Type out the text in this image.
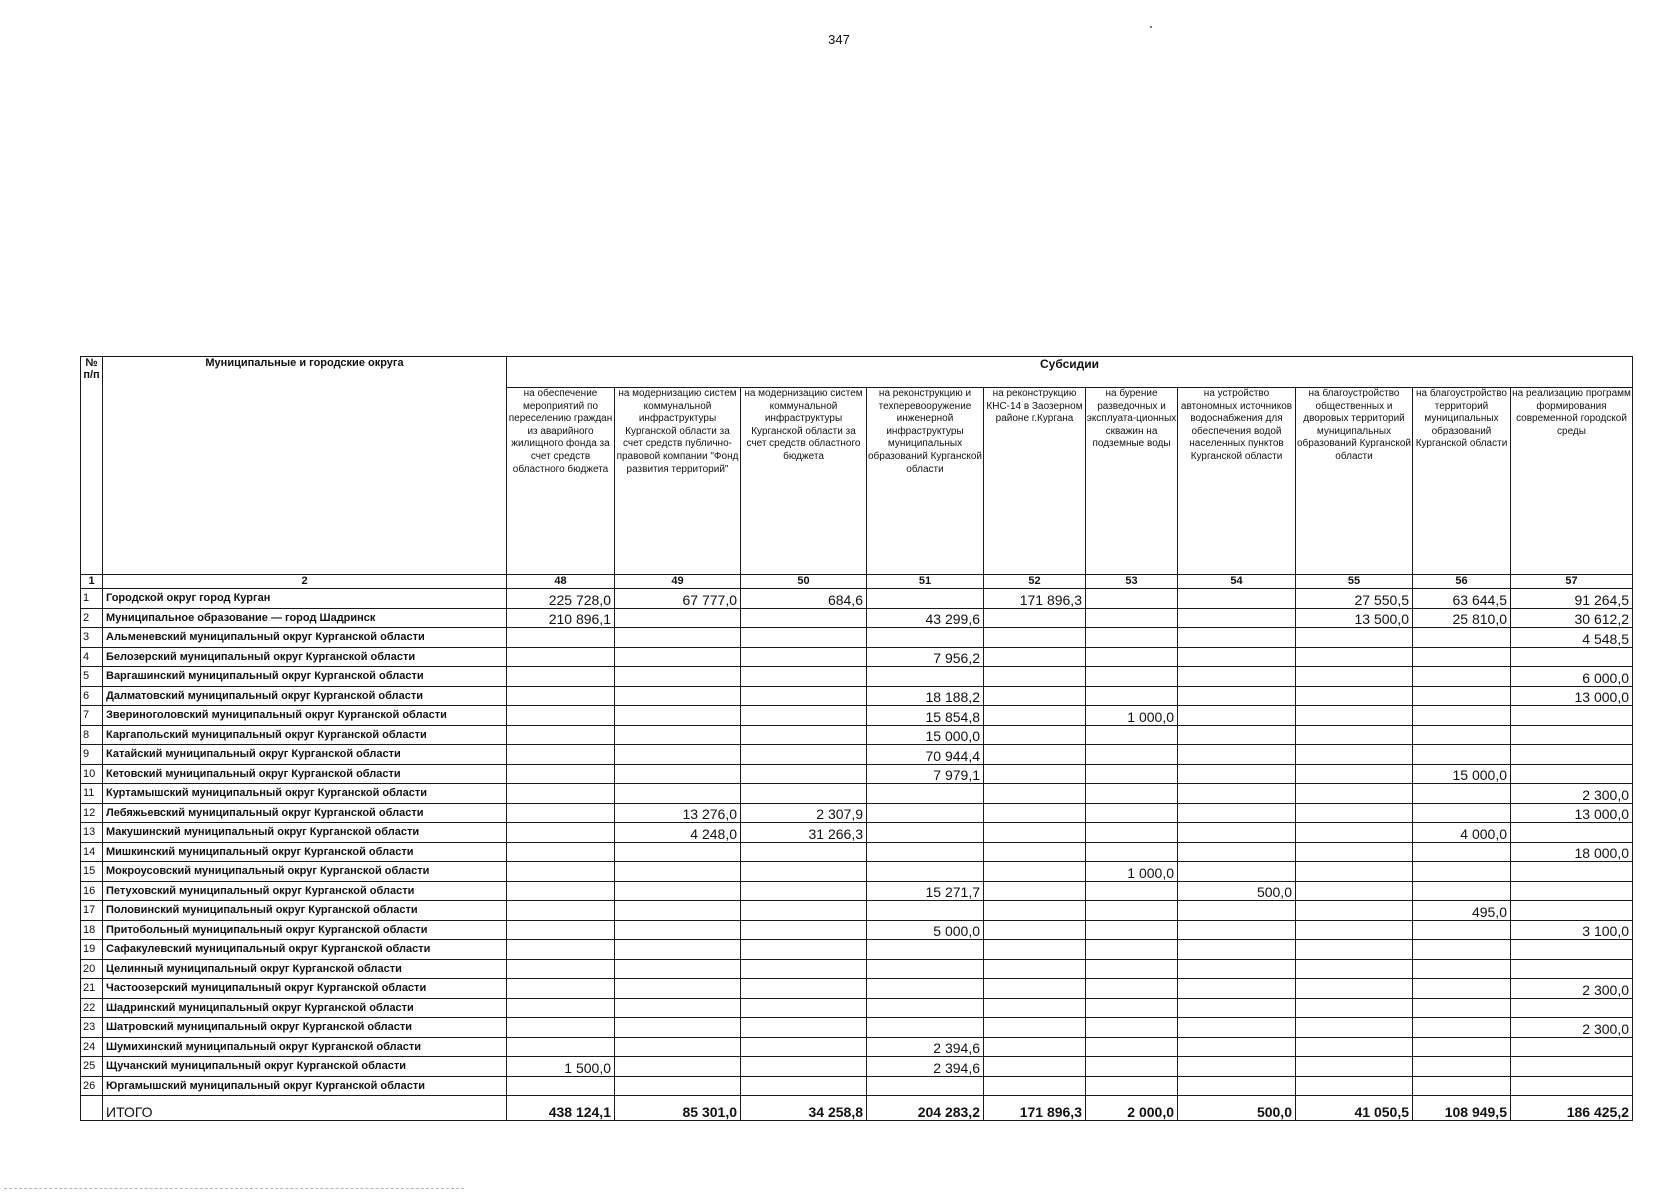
347
№ п/п	Муниципальные и городские округа	Субсидии									
		на обеспечение мероприятий по переселению граждан из аварийного жилищного фонда за счет средств областного бюджета	на модернизацию систем коммунальной инфраструктуры Курганской области за счет средств публично-правовой компании "Фонд развития территорий"	на модернизацию систем коммунальной инфраструктуры Курганской области за счет средств областного бюджета	на реконструкцию и техперевооружение инженерной инфраструктуры муниципальных образований Курганской области	на реконструкцию КНС-14 в Заозерном районе г.Кургана	на бурение разведочных и эксплуата-ционных скважин на подземные воды	на устройство автономных источников водоснабжения для обеспечения водой населенных пунктов Курганской области	на благоустройство общественных и дворовых территорий муниципальных образований Курганской области	на благоустройство территорий муниципальных образований Курганской области	на реализацию программ формирования современной городской среды
1	2	48	49	50	51	52	53	54	55	56	57
1	Городской округ город Курган	225 728,0	67 777,0	684,6		171 896,3			27 550,5	63 644,5	91 264,5
2	Муниципальное образование — город Шадринск	210 896,1			43 299,6				13 500,0	25 810,0	30 612,2
3	Альменевский муниципальный округ Курганской области										4 548,5
4	Белозерский муниципальный округ Курганской области				7 956,2						
5	Варгашинский муниципальный округ Курганской области										6 000,0
6	Далматовский муниципальный округ Курганской области				18 188,2						13 000,0
7	Звериноголовский муниципальный округ Курганской области				15 854,8		1 000,0				
8	Каргапольский муниципальный округ Курганской области				15 000,0						
9	Катайский муниципальный округ Курганской области				70 944,4						
10	Кетовский муниципальный округ Курганской области				7 979,1					15 000,0	
11	Куртамышский муниципальный округ Курганской области										2 300,0
12	Лебяжьевский муниципальный округ Курганской области		13 276,0	2 307,9							13 000,0
13	Макушинский муниципальный округ Курганской области		4 248,0	31 266,3						4 000,0	
14	Мишкинский муниципальный округ Курганской области										18 000,0
15	Мокроусовский муниципальный округ Курганской области						1 000,0				
16	Петуховский муниципальный округ Курганской области				15 271,7			500,0			
17	Половинский муниципальный округ Курганской области									495,0	
18	Притобольный муниципальный округ Курганской области				5 000,0						3 100,0
19	Сафакулевский муниципальный округ Курганской области										
20	Целинный муниципальный округ Курганской области										
21	Частоозерский муниципальный округ Курганской области										2 300,0
22	Шадринский муниципальный округ Курганской области										
23	Шатровский муниципальный округ Курганской области										2 300,0
24	Шумихинский муниципальный округ Курганской области				2 394,6						
25	Щучанский муниципальный округ Курганской области	1 500,0			2 394,6						
26	Юргамышский муниципальный округ Курганской области										
	ИТОГО	438 124,1	85 301,0	34 258,8	204 283,2	171 896,3	2 000,0	500,0	41 050,5	108 949,5	186 425,2
